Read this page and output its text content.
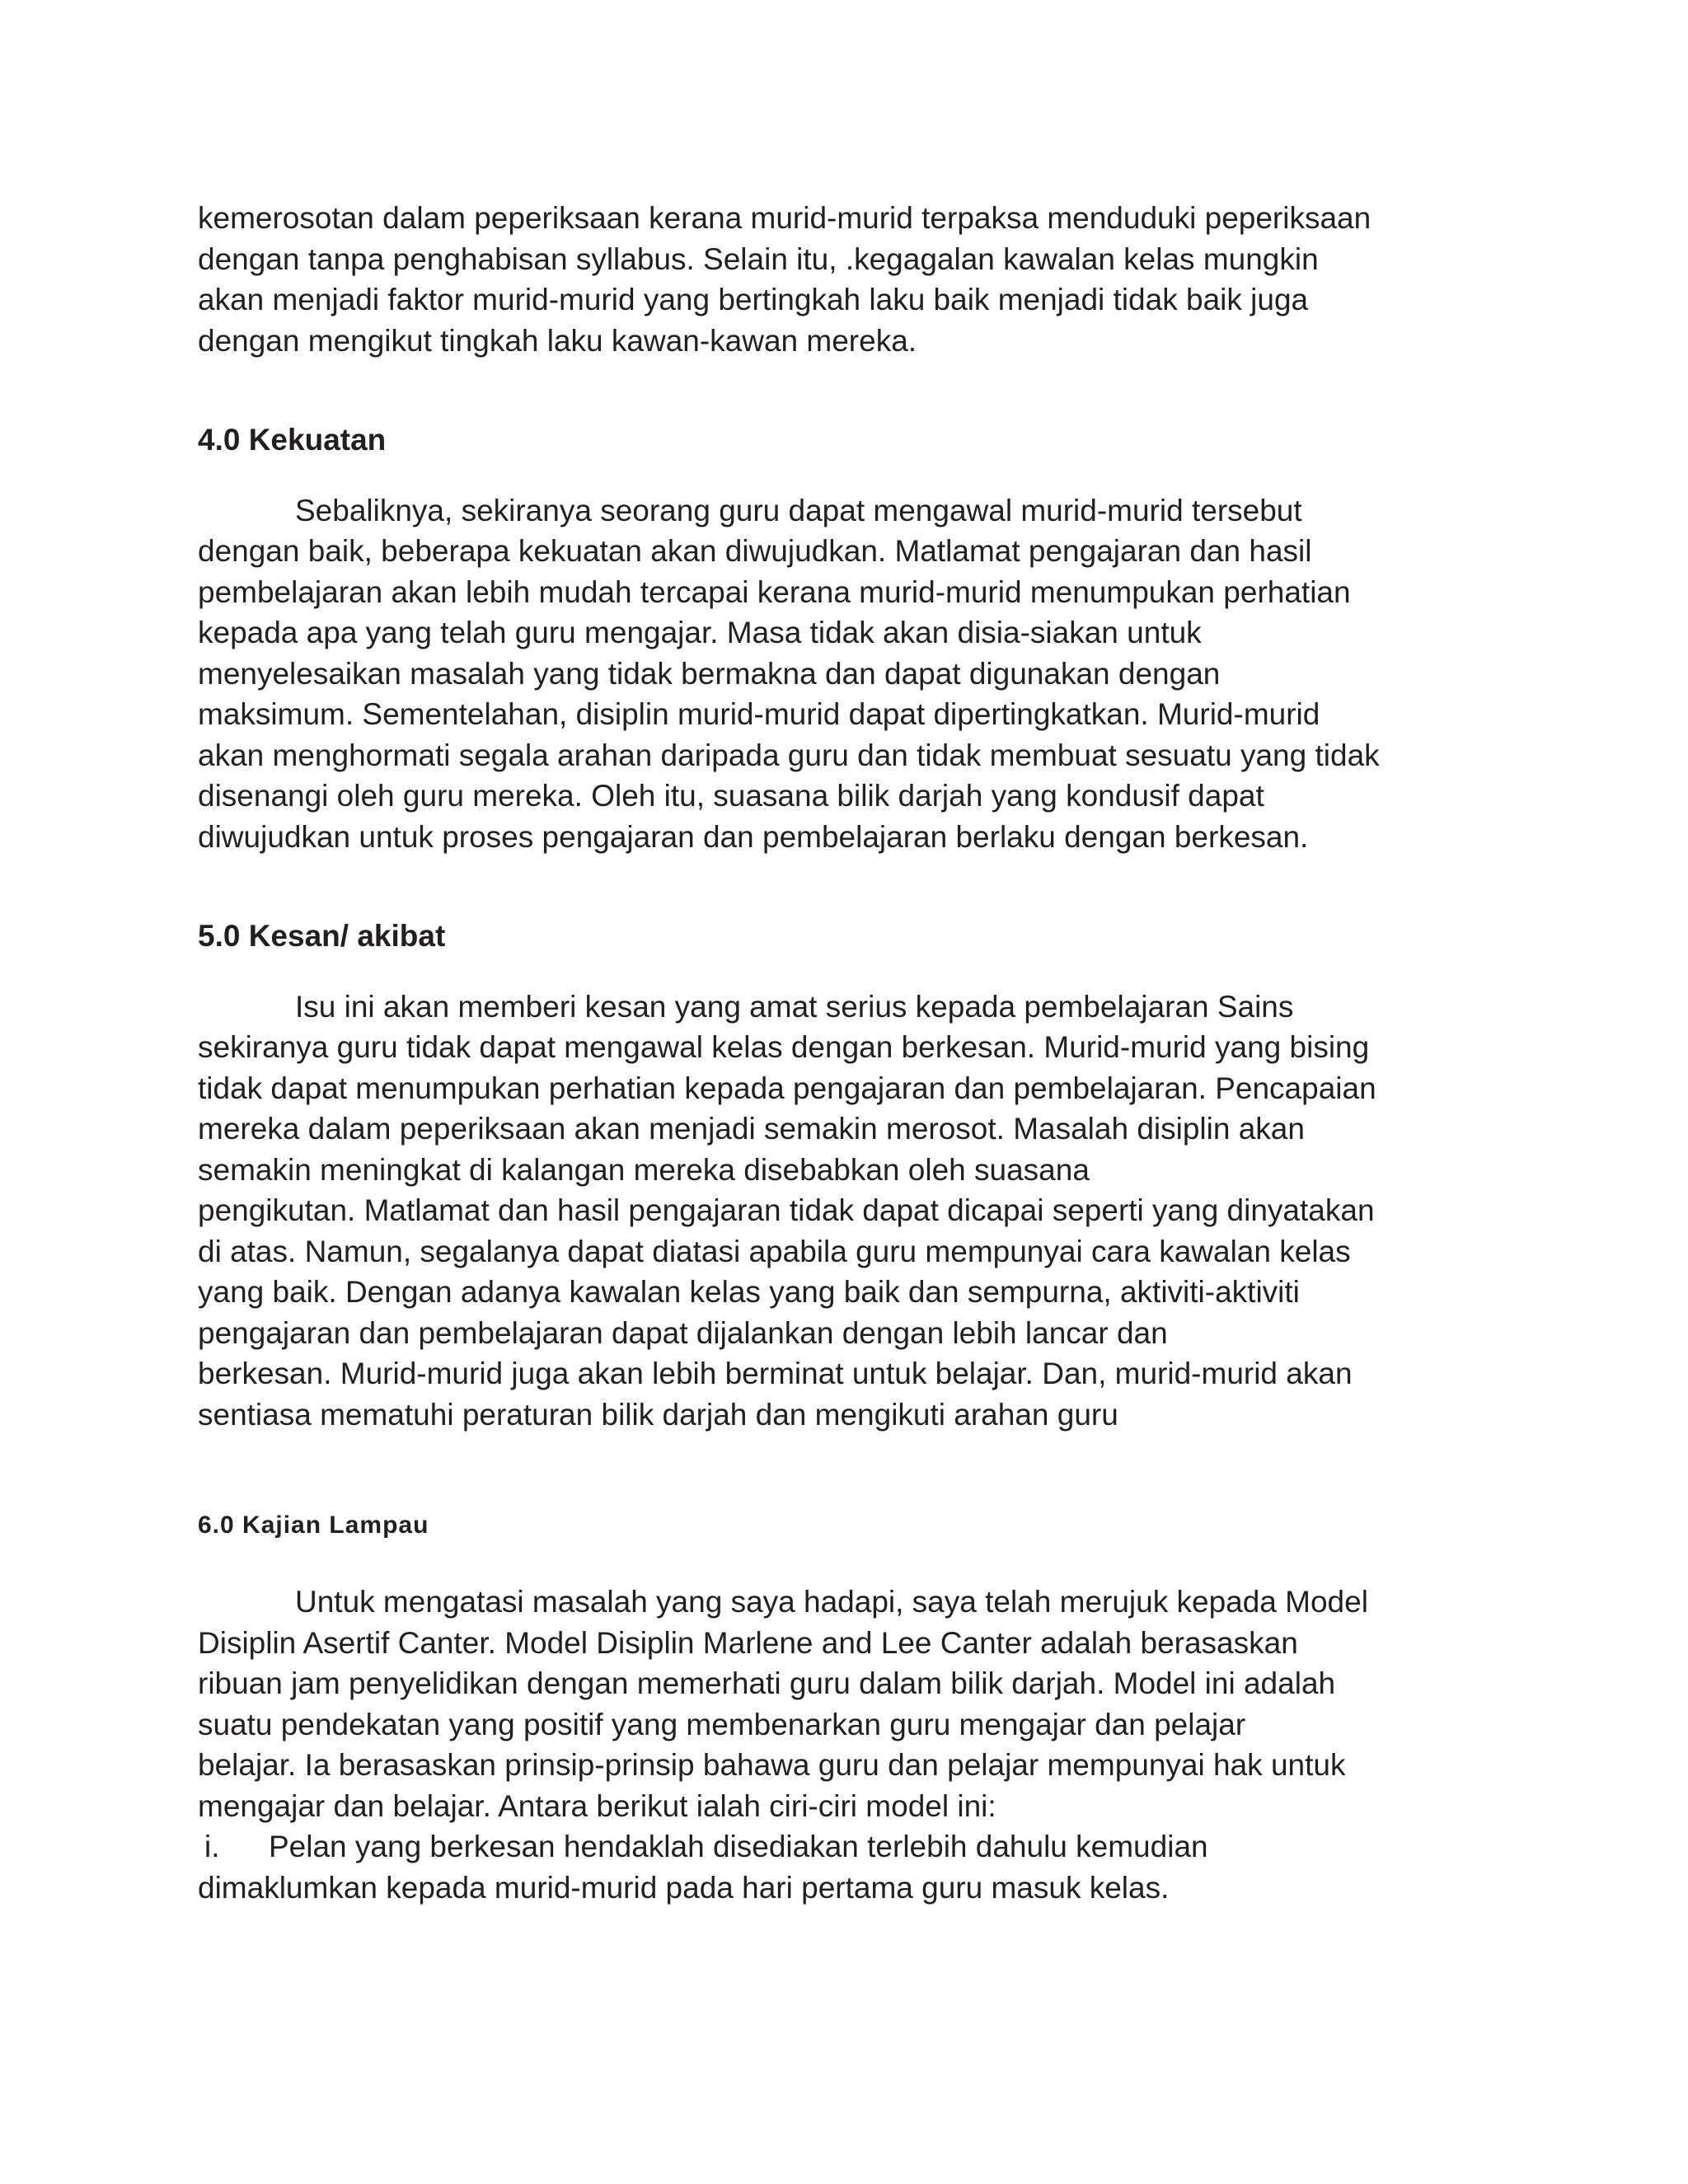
kemerosotan dalam peperiksaan kerana murid-murid terpaksa menduduki peperiksaan
dengan tanpa penghabisan syllabus. Selain itu, .kegagalan kawalan kelas mungkin
akan menjadi faktor murid-murid yang bertingkah laku baik menjadi tidak baik juga
dengan mengikut tingkah laku kawan-kawan mereka.

4.0 Kekuatan

Sebaliknya, sekiranya seorang guru dapat mengawal murid-murid tersebut
dengan baik, beberapa kekuatan akan diwujudkan. Matlamat pengajaran dan hasil
pembelajaran akan lebih mudah tercapai kerana murid-murid menumpukan perhatian
kepada apa yang telah guru mengajar. Masa tidak akan disia-siakan untuk
menyelesaikan masalah yang tidak bermakna dan dapat digunakan dengan
maksimum. Sementelahan, disiplin murid-murid dapat dipertingkatkan. Murid-murid
akan menghormati segala arahan daripada guru dan tidak membuat sesuatu yang tidak
disenangi oleh guru mereka. Oleh itu, suasana bilik darjah yang kondusif dapat
diwujudkan untuk proses pengajaran dan pembelajaran berlaku dengan berkesan.

5.0 Kesan/ akibat

Isu ini akan memberi kesan yang amat serius kepada pembelajaran Sains
sekiranya guru tidak dapat mengawal kelas dengan berkesan. Murid-murid yang bising
tidak dapat menumpukan perhatian kepada pengajaran dan pembelajaran. Pencapaian
mereka dalam peperiksaan akan menjadi semakin merosot. Masalah disiplin akan
semakin meningkat di kalangan mereka disebabkan oleh suasana
pengikutan. Matlamat dan hasil pengajaran tidak dapat dicapai seperti yang dinyatakan
di atas. Namun, segalanya dapat diatasi apabila guru mempunyai cara kawalan kelas
yang baik. Dengan adanya kawalan kelas yang baik dan sempurna, aktiviti-aktiviti
pengajaran dan pembelajaran dapat dijalankan dengan lebih lancar dan
berkesan. Murid-murid juga akan lebih berminat untuk belajar. Dan, murid-murid akan
sentiasa mematuhi peraturan bilik darjah dan mengikuti arahan guru

6.0 Kajian Lampau

Untuk mengatasi masalah yang saya hadapi, saya telah merujuk kepada Model
Disiplin Asertif Canter. Model Disiplin Marlene and Lee Canter adalah berasaskan
ribuan jam penyelidikan dengan memerhati guru dalam bilik darjah. Model ini adalah
suatu pendekatan yang positif yang membenarkan guru mengajar dan pelajar
belajar. Ia berasaskan prinsip-prinsip bahawa guru dan pelajar mempunyai hak untuk
mengajar dan belajar. Antara berikut ialah ciri-ciri model ini:

i. Pelan yang berkesan hendaklah disediakan terlebih dahulu kemudian
dimaklumkan kepada murid-murid pada hari pertama guru masuk kelas.
